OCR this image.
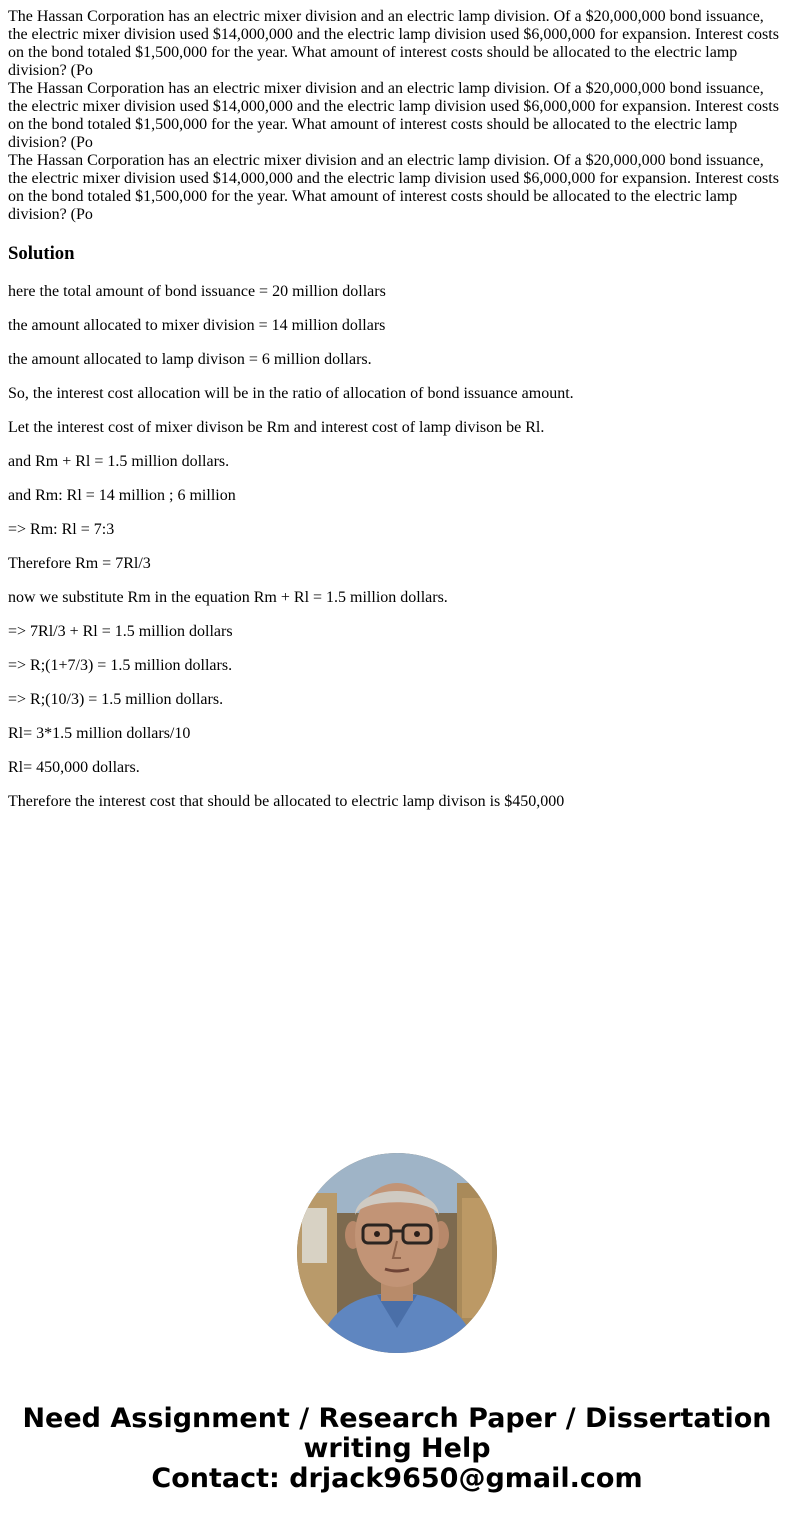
The Hassan Corporation has an electric mixer division and an electric lamp division. Of a $20,000,000 bond issuance, the electric mixer division used $14,000,000 and the electric lamp division used $6,000,000 for expansion. Interest costs on the bond totaled $1,500,000 for the year. What amount of interest costs should be allocated to the electric lamp division? (Po

The Hassan Corporation has an electric mixer division and an electric lamp division. Of a $20,000,000 bond issuance, the electric mixer division used $14,000,000 and the electric lamp division used $6,000,000 for expansion. Interest costs on the bond totaled $1,500,000 for the year. What amount of interest costs should be allocated to the electric lamp division? (Po

The Hassan Corporation has an electric mixer division and an electric lamp division. Of a $20,000,000 bond issuance, the electric mixer division used $14,000,000 and the electric lamp division used $6,000,000 for expansion. Interest costs on the bond totaled $1,500,000 for the year. What amount of interest costs should be allocated to the electric lamp division? (Po

Solution

here the total amount of bond issuance = 20 million dollars

the amount allocated to mixer division = 14 million dollars

the amount allocated to lamp divison = 6 million dollars.

So, the interest cost allocation will be in the ratio of allocation of bond issuance amount.

Let the interest cost of mixer divison be Rm and interest cost of lamp divison be Rl.

and Rm + Rl = 1.5 million dollars.

and Rm: Rl = 14 million ; 6 million

=> Rm: Rl = 7:3

Therefore Rm = 7Rl/3

now we substitute Rm in the equation Rm + Rl = 1.5 million dollars.

=> 7Rl/3 + Rl = 1.5 million dollars

=> R;(1+7/3) = 1.5 million dollars.

=> R;(10/3) = 1.5 million dollars.

Rl= 3*1.5 million dollars/10

Rl= 450,000 dollars.

Therefore the interest cost that should be allocated to electric lamp divison is $450,000

Need Assignment / Research Paper / Dissertation
writing Help
Contact: drjack9650@gmail.com
